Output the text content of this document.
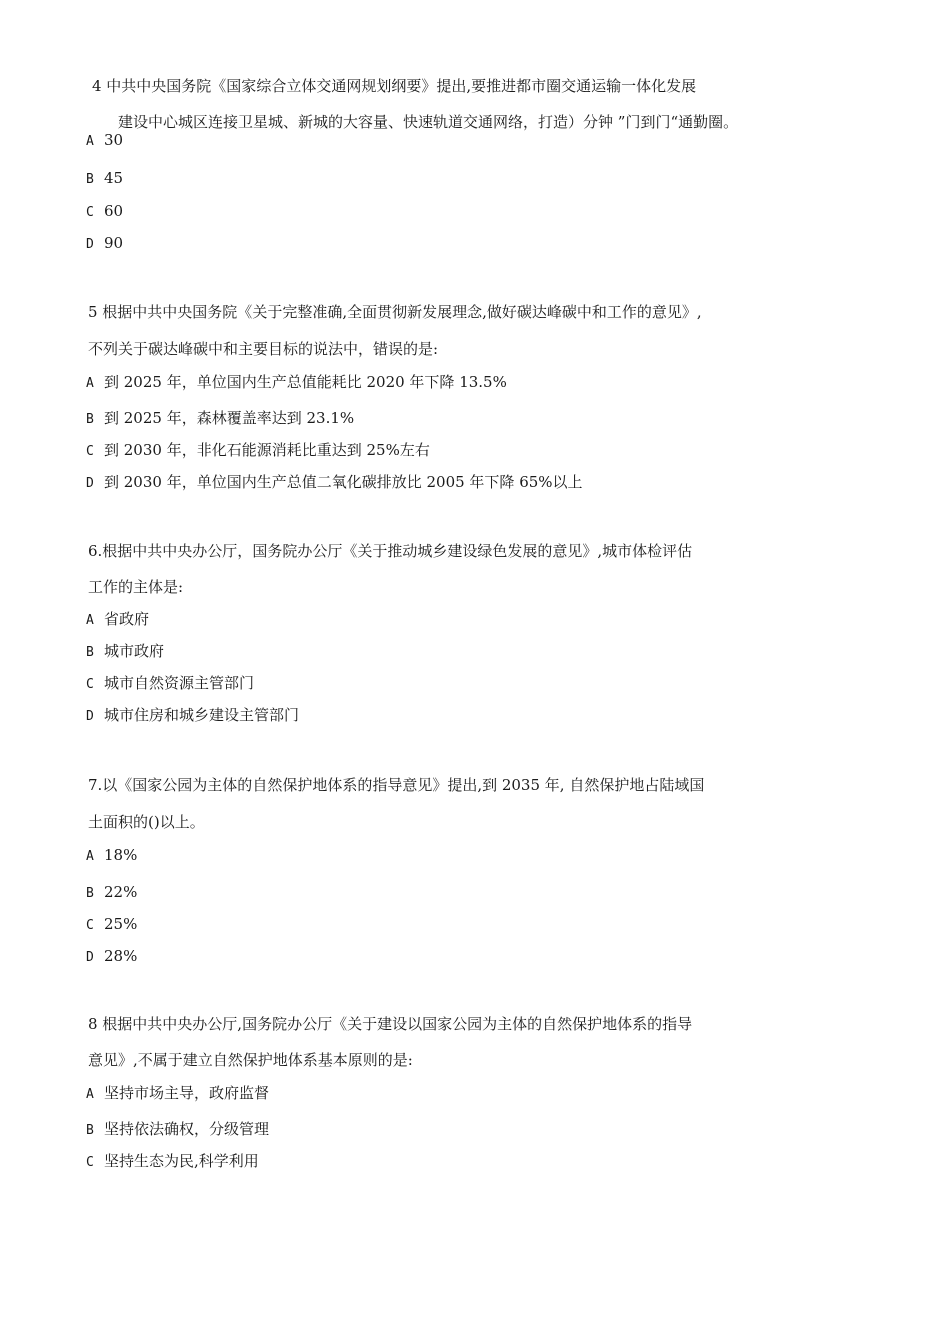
4 中共中央国务院《国家综合立体交通网规划纲要》提出,要推进都市圈交通运输一体化发展
建设中心城区连接卫星城、新城的大容量、快速轨道交通网络，打造）分钟 ”门到门“通勤圈。
A 30
B 45
C 60
D 90
5 根据中共中央国务院《关于完整准确,全面贯彻新发展理念,做好碳达峰碳中和工作的意见》,
不列关于碳达峰碳中和主要目标的说法中，错误的是:
A 到 2025 年，单位国内生产总值能耗比 2020 年下降 13.5%
B 到 2025 年，森林覆盖率达到 23.1%
C 到 2030 年，非化石能源消耗比重达到 25%左右
D 到 2030 年，单位国内生产总值二氧化碳排放比 2005 年下降 65%以上
6.根据中共中央办公厅，国务院办公厅《关于推动城乡建设绿色发展的意见》,城市体检评估
工作的主体是:
A 省政府
B 城市政府
C 城市自然资源主管部门
D 城市住房和城乡建设主管部门
7.以《国家公园为主体的自然保护地体系的指导意见》提出,到 2035 年, 自然保护地占陆域国
土面积的()以上。
A 18%
B 22%
C 25%
D 28%
8 根据中共中央办公厅,国务院办公厅《关于建设以国家公园为主体的自然保护地体系的指导
意见》,不属于建立自然保护地体系基本原则的是:
A 坚持市场主导，政府监督
B 坚持依法确权，分级管理
C 坚持生态为民,科学利用
